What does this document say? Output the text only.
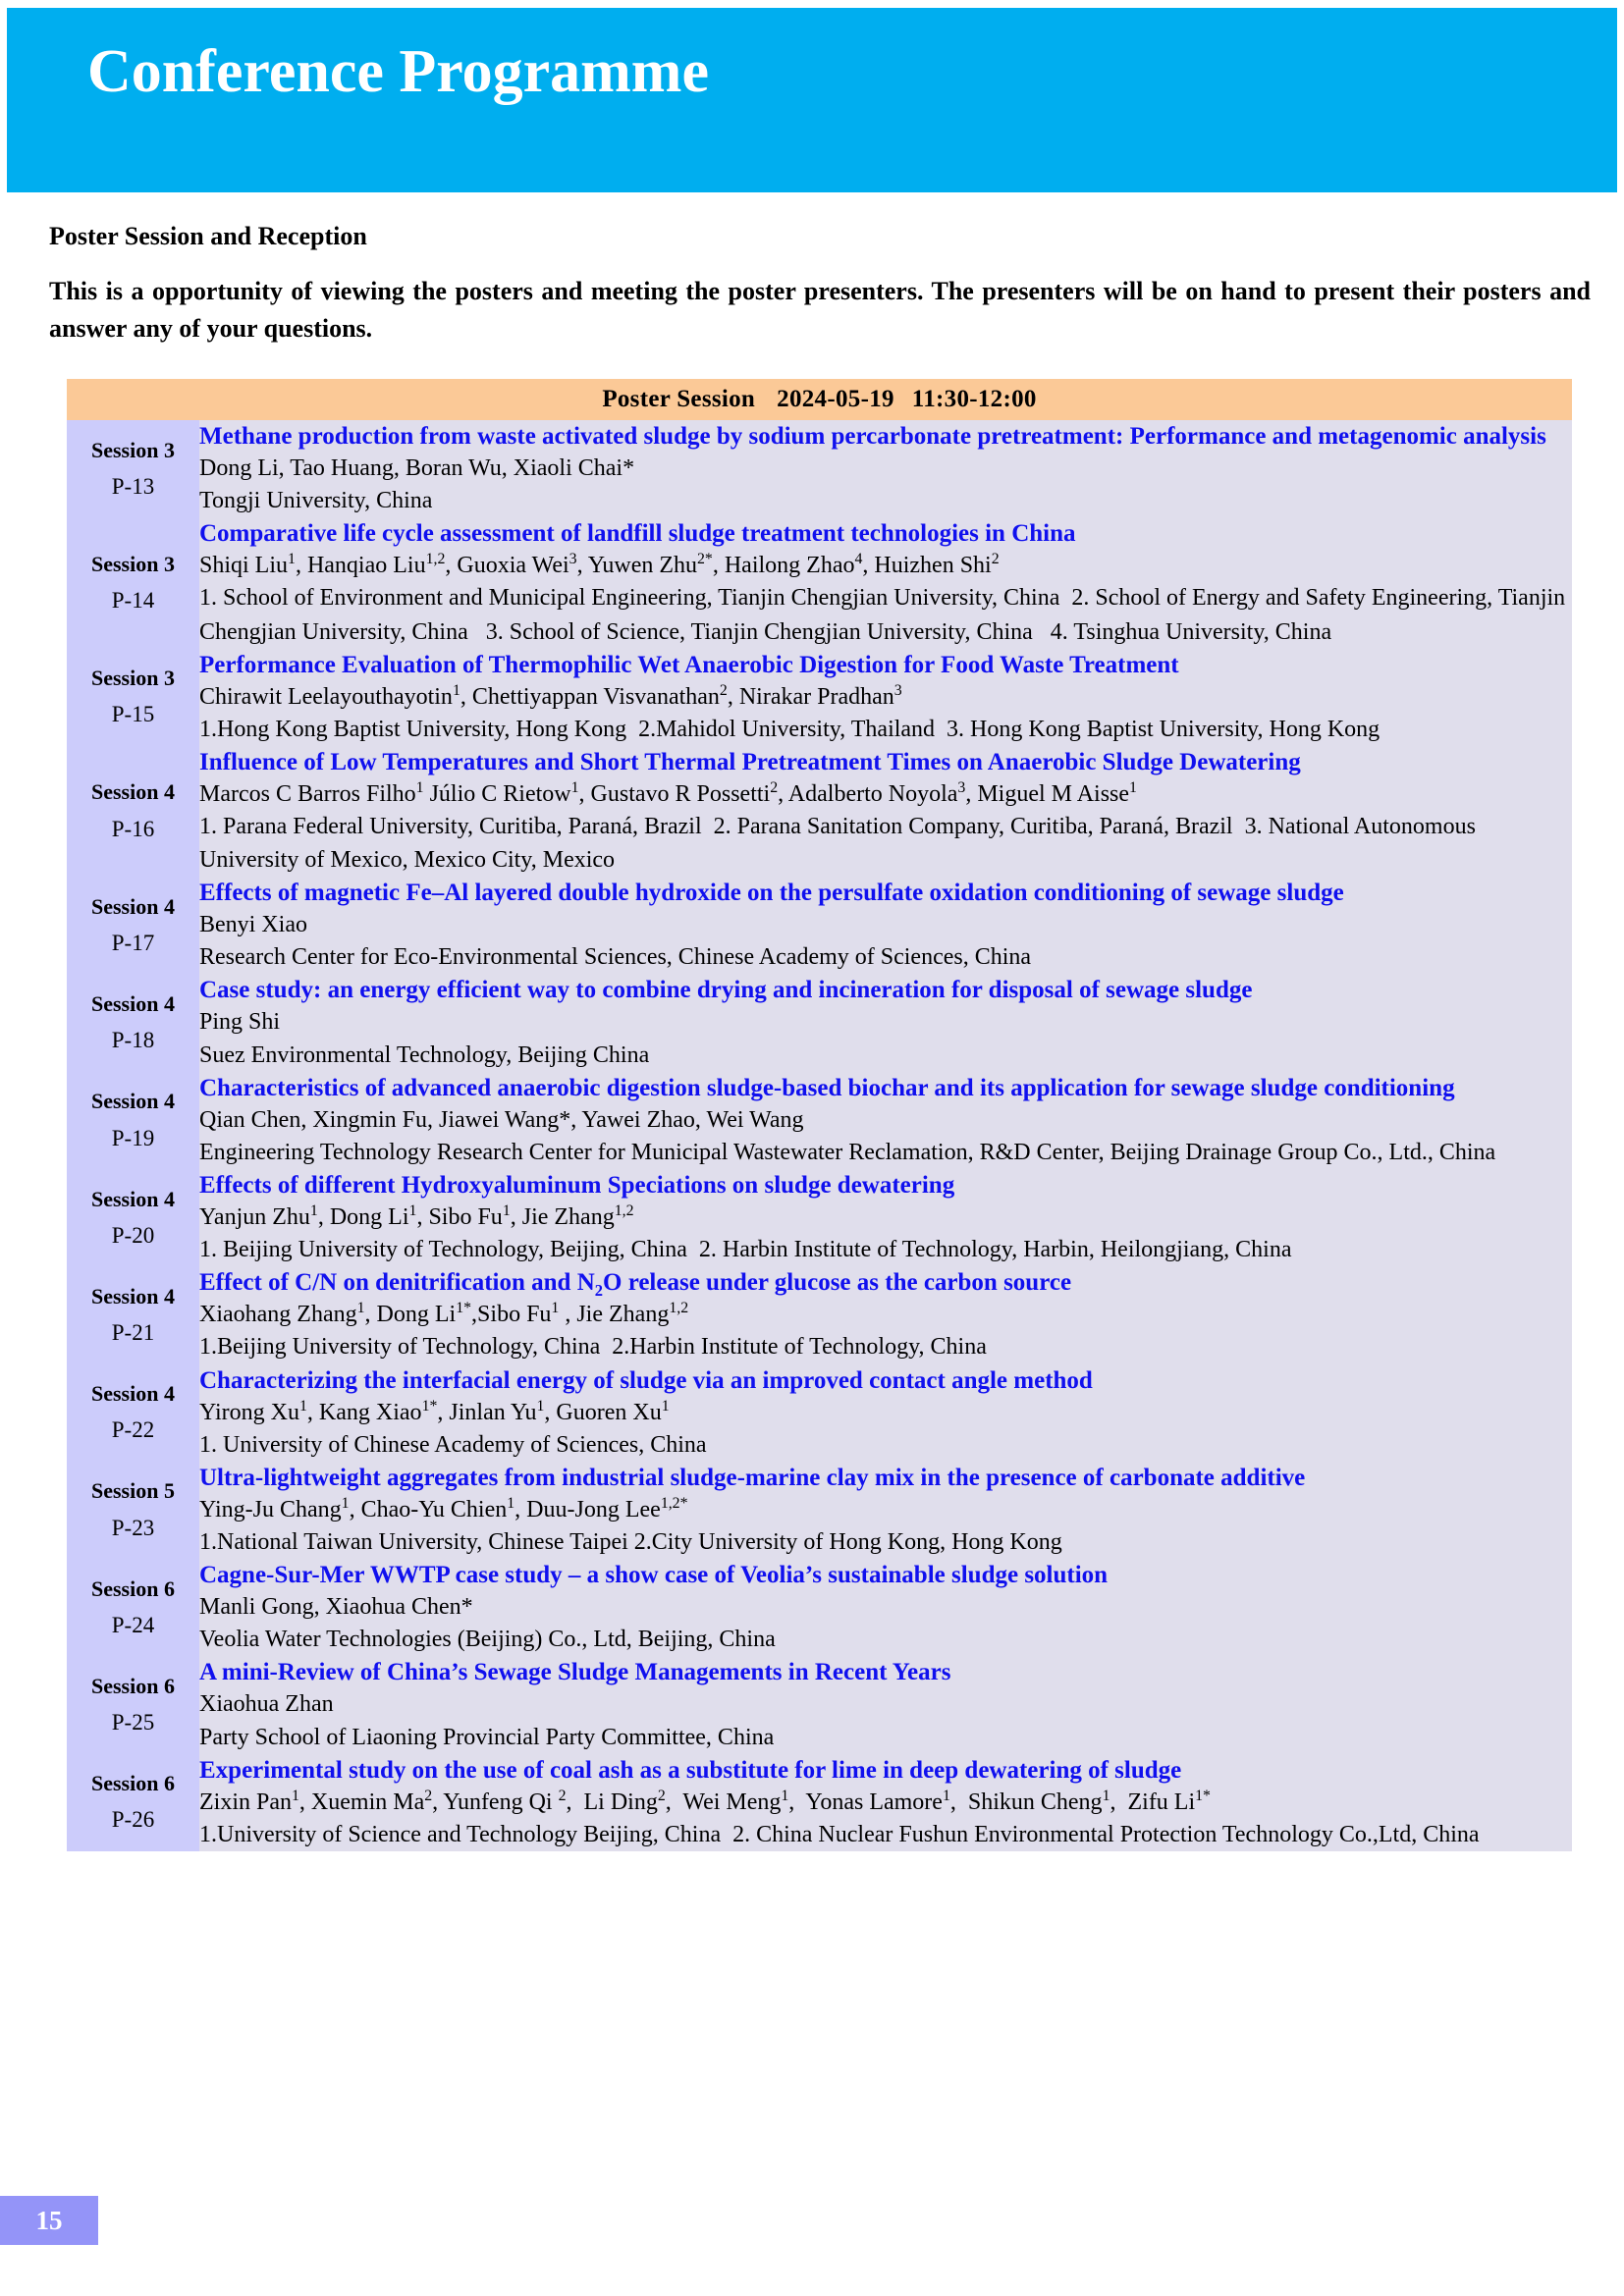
Conference Programme
Poster Session and Reception

This is a opportunity of viewing the posters and meeting the poster presenters. The presenters will be on hand to present their posters and answer any of your questions.

Poster Session 2024-05-19 11:30-12:00	
Session 3
P-13

Methane production from waste activated sludge by sodium percarbonate pretreatment: Performance and metagenomic analysis
Dong Li, Tao Huang, Boran Wu, Xiaoli Chai*
Tongji University, China

Session 3
P-14

Comparative life cycle assessment of landfill sludge treatment technologies in China
Shiqi Liu$^1$, Hanqiao Liu$^{1,2}$, Guoxia Wei$^3$, Yuwen Zhu$^{2*}$, Hailong Zhao$^4$, Huizhen Shi$^2$
1. School of Environment and Municipal Engineering, Tianjin Chengjian University, China  2. School of Energy and Safety Engineering, Tianjin Chengjian University, China   3. School of Science, Tianjin Chengjian University, China   4. Tsinghua University, China

Session 3
P-15

Performance Evaluation of Thermophilic Wet Anaerobic Digestion for Food Waste Treatment
Chirawit Leelayouthayotin$^1$, Chettiyappan Visvanathan$^2$, Nirakar Pradhan$^3$
1.Hong Kong Baptist University, Hong Kong  2.Mahidol University, Thailand  3. Hong Kong Baptist University, Hong Kong

Session 4
P-16

Influence of Low Temperatures and Short Thermal Pretreatment Times on Anaerobic Sludge Dewatering
Marcos C Barros Filho$^1$ Júlio C Rietow$^1$, Gustavo R Possetti$^2$, Adalberto Noyola$^3$, Miguel M Aisse$^1$
1. Parana Federal University, Curitiba, Paraná, Brazil  2. Parana Sanitation Company, Curitiba, Paraná, Brazil  3. National Autonomous University of Mexico, Mexico City, Mexico

Session 4
P-17

Effects of magnetic Fe–Al layered double hydroxide on the persulfate oxidation conditioning of sewage sludge
Benyi Xiao
Research Center for Eco-Environmental Sciences, Chinese Academy of Sciences, China

Session 4
P-18

Case study: an energy efficient way to combine drying and incineration for disposal of sewage sludge
Ping Shi
Suez Environmental Technology, Beijing China

Session 4
P-19

Characteristics of advanced anaerobic digestion sludge-based biochar and its application for sewage sludge conditioning
Qian Chen, Xingmin Fu, Jiawei Wang*, Yawei Zhao, Wei Wang
Engineering Technology Research Center for Municipal Wastewater Reclamation, R&D Center, Beijing Drainage Group Co., Ltd., China

Session 4
P-20

Effects of different Hydroxyaluminum Speciations on sludge dewatering
Yanjun Zhu$^1$, Dong Li$^1$, Sibo Fu$^1$, Jie Zhang$^{1,2}$
1. Beijing University of Technology, Beijing, China  2. Harbin Institute of Technology, Harbin, Heilongjiang, China

Session 4
P-21

Effect of C/N on denitrification and $N_2O$ release under glucose as the carbon source
Xiaohang Zhang$^1$, Dong $Li^{1*},Sibo$ Fu$^1$ , Jie Zhang$^{1,2}$
1.Beijing University of Technology, China  2.Harbin Institute of Technology, China

Session 4
P-22

Characterizing the interfacial energy of sludge via an improved contact angle method
Yirong Xu$^1$, Kang Xiao$^{1*}$, Jinlan Yu$^1$, Guoren Xu$^1$
1. University of Chinese Academy of Sciences, China

Session 5
P-23

Ultra-lightweight aggregates from industrial sludge-marine clay mix in the presence of carbonate additive
Ying-Ju Chang$^1$, Chao-Yu Chien$^1$, Duu-Jong Lee$^{1,2*}$
1.National Taiwan University, Chinese Taipei 2.City University of Hong Kong, Hong Kong

Session 6
P-24

Cagne-Sur-Mer WWTP case study – a show case of Veolia’s sustainable sludge solution
Manli Gong, Xiaohua Chen*
Veolia Water Technologies (Beijing) Co., Ltd, Beijing, China

Session 6
P-25

A mini-Review of China’s Sewage Sludge Managements in Recent Years
Xiaohua Zhan
Party School of Liaoning Provincial Party Committee, China

Session 6
P-26

Experimental study on the use of coal ash as a substitute for lime in deep dewatering of sludge
Zixin Pan$^1$, Xuemin Ma$^2$, Yunfeng Qi $^2$,  Li Ding$^2$,  Wei Meng$^1$,  Yonas Lamore$^1$,  Shikun Cheng$^1$,  Zifu $Li^{1*}$
1.University of Science and Technology Beijing, China  2. China Nuclear Fushun Environmental Protection Technology Co.,Ltd, China
15
